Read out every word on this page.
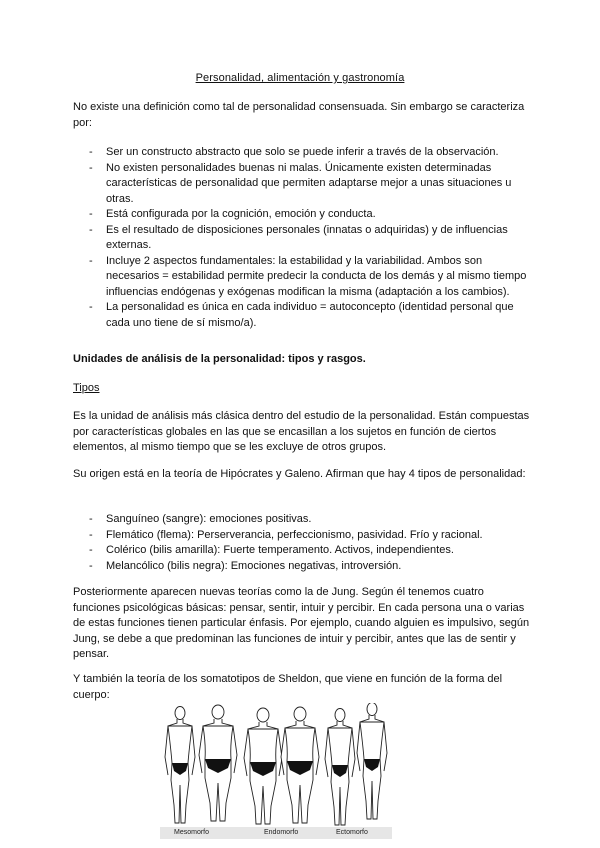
Personalidad, alimentación y gastronomía

No existe una definición como tal de personalidad consensuada. Sin embargo se caracteriza por:

- Ser un constructo abstracto que solo se puede inferir a través de la observación.
- No existen personalidades buenas ni malas. Únicamente existen determinadas características de personalidad que permiten adaptarse mejor a unas situaciones u otras.
- Está configurada por la cognición, emoción y conducta.
- Es el resultado de disposiciones personales (innatas o adquiridas) y de influencias externas.
- Incluye 2 aspectos fundamentales: la estabilidad y la variabilidad. Ambos son necesarios = estabilidad permite predecir la conducta de los demás y al mismo tiempo influencias endógenas y exógenas modifican la misma (adaptación a los cambios).
- La personalidad es única en cada individuo = autoconcepto (identidad personal que cada uno tiene de sí mismo/a).

Unidades de análisis de la personalidad: tipos y rasgos.

Tipos

Es la unidad de análisis más clásica dentro del estudio de la personalidad. Están compuestas por características globales en las que se encasillan a los sujetos en función de ciertos elementos, al mismo tiempo que se les excluye de otros grupos.

Su origen está en la teoría de Hipócrates y Galeno. Afirman que hay 4 tipos de personalidad:

- Sanguíneo (sangre): emociones positivas.
- Flemático (flema): Perserverancia, perfeccionismo, pasividad. Frío y racional.
- Colérico (bilis amarilla): Fuerte temperamento. Activos, independientes.
- Melancólico (bilis negra): Emociones negativas, introversión.

Posteriormente aparecen nuevas teorías como la de Jung. Según él tenemos cuatro funciones psicológicas básicas: pensar, sentir, intuir y percibir. En cada persona una o varias de estas funciones tienen particular énfasis. Por ejemplo, cuando alguien es impulsivo, según Jung, se debe a que predominan las funciones de intuir y percibir, antes que las de sentir y pensar.

Y también la teoría de los somatotipos de Sheldon, que viene en función de la forma del cuerpo:

Mesomorfo	Endomorfo	Ectomorfo
